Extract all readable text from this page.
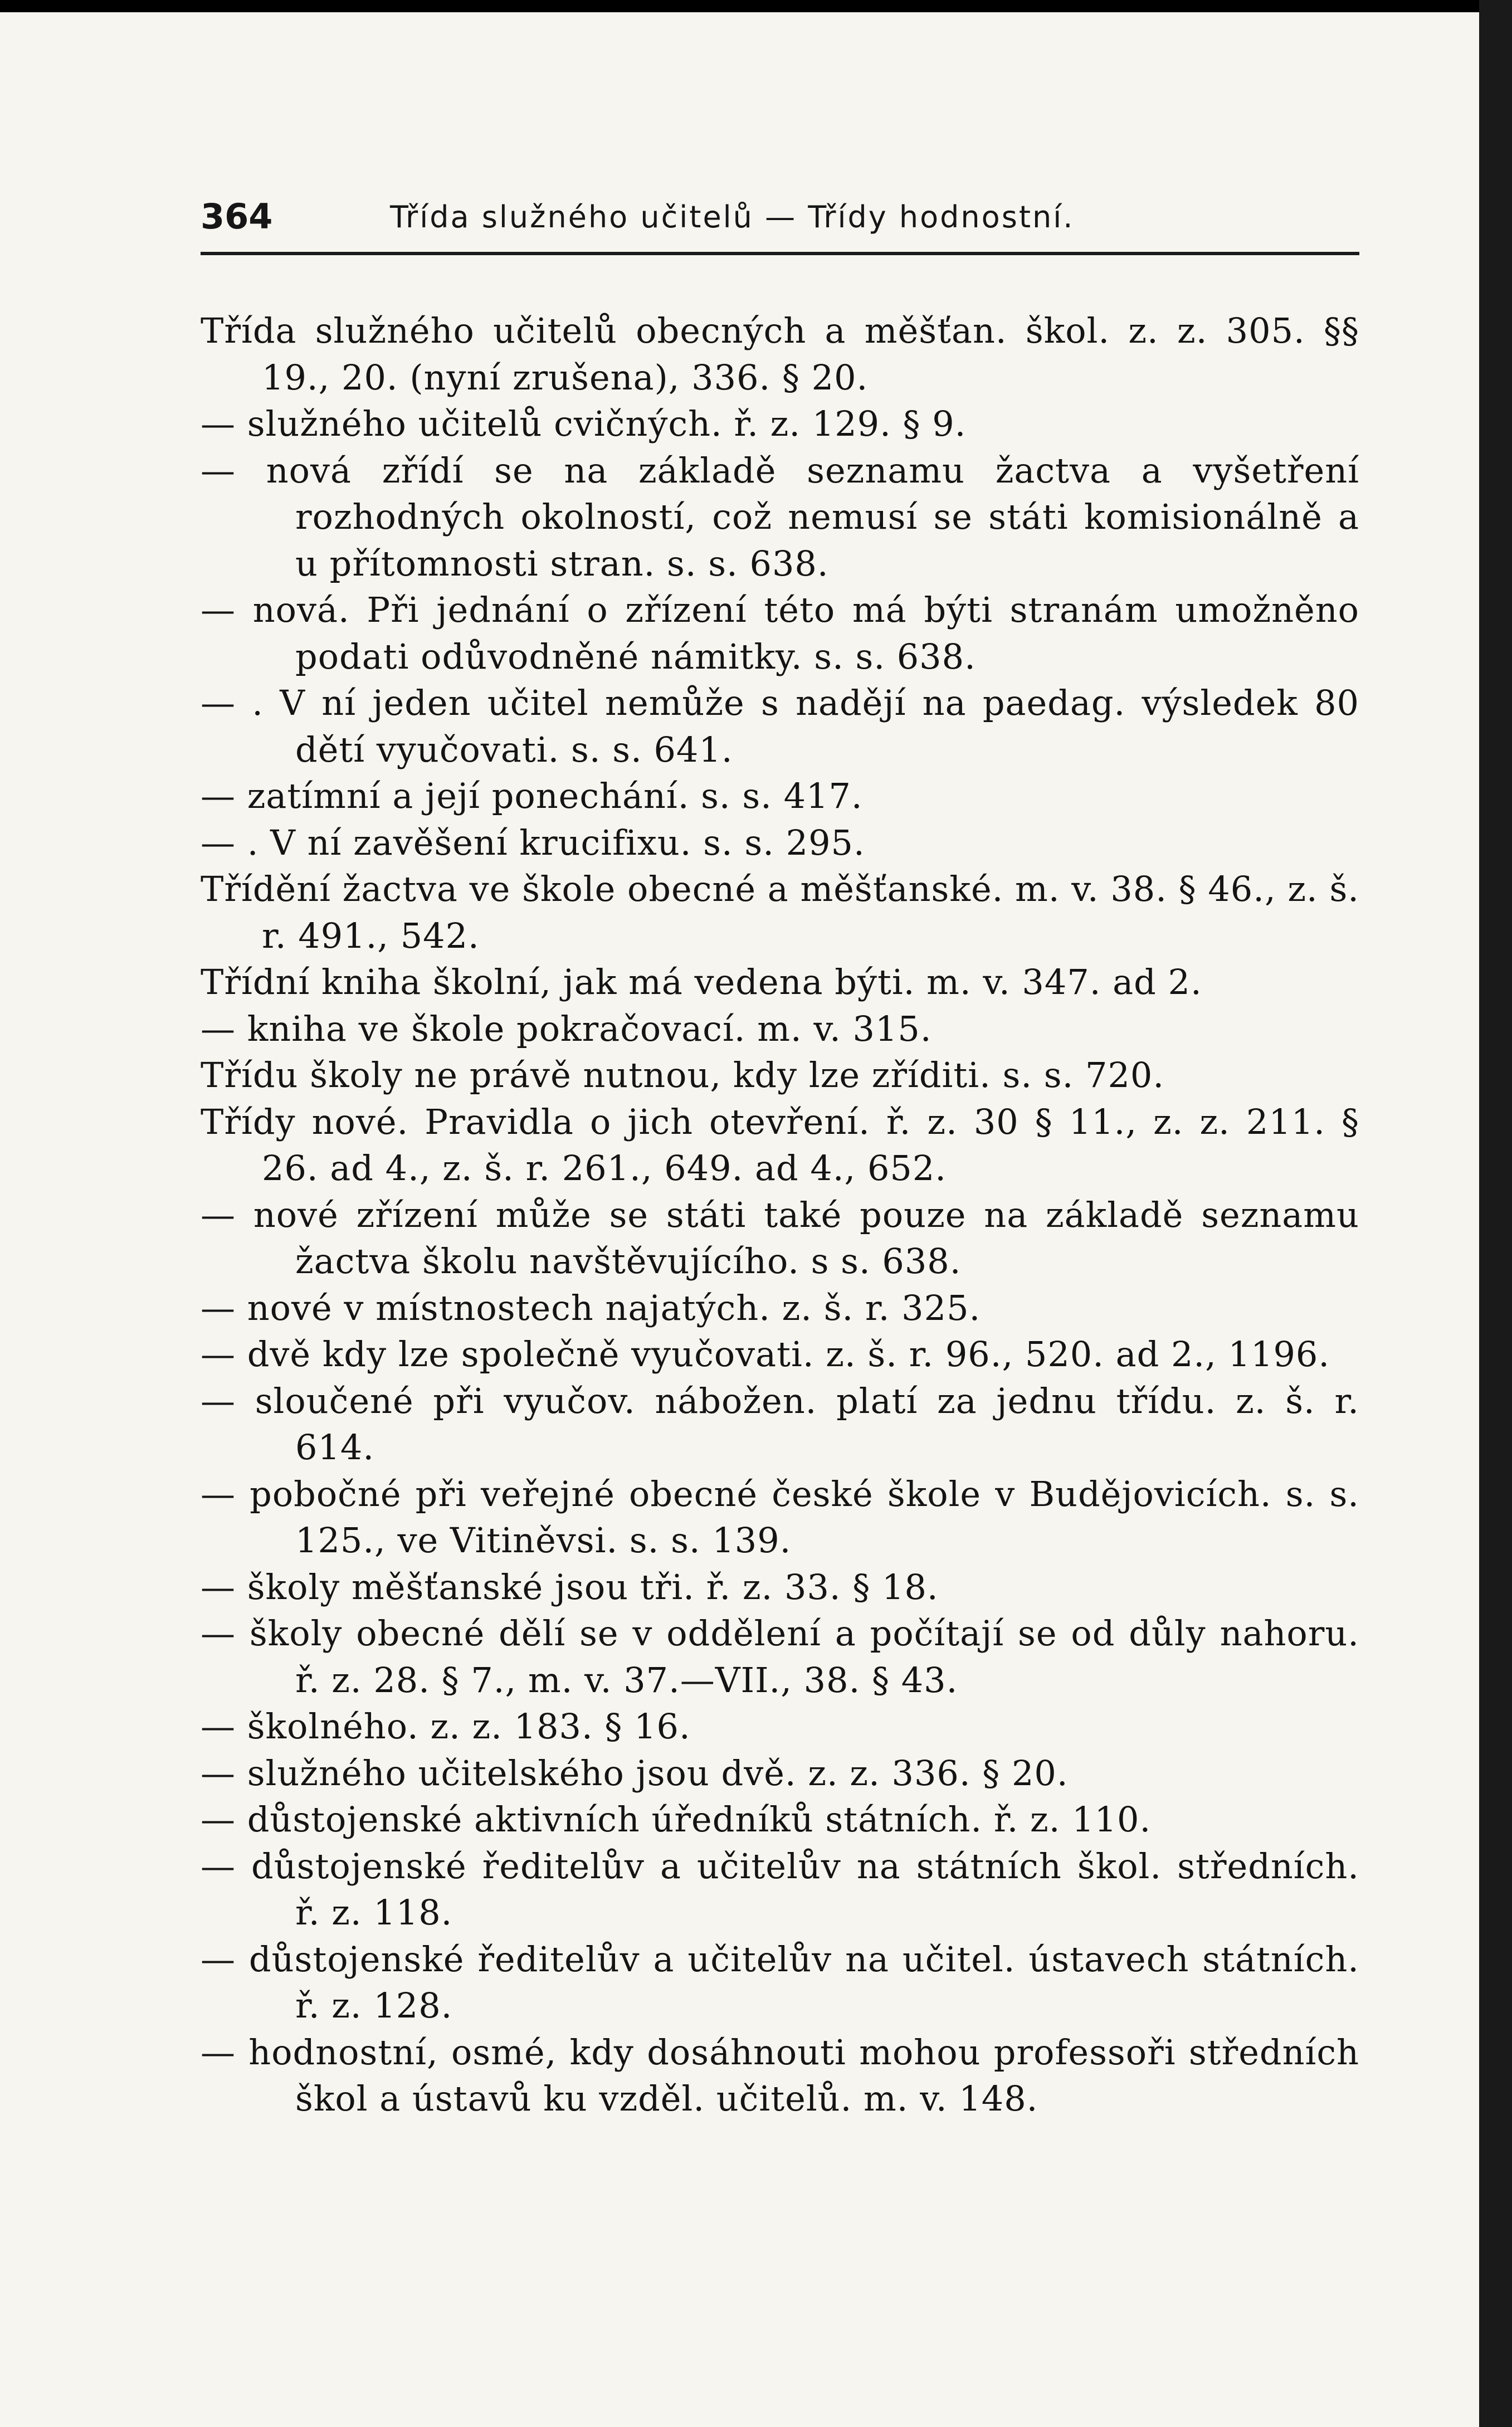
364	Třída služného učitelů — Třídy hodnostní.
Třída služného učitelů obecných a měšťan. škol. z. z. 305. §§ 19., 20. (nyní zrušena), 336. § 20.
— služného učitelů cvičných. ř. z. 129. § 9.
— nová zřídí se na základě seznamu žactva a vyšetření rozhodných okolností, což nemusí se státi komisionálně a u přítomnosti stran. s. s. 638.
— nová. Při jednání o zřízení této má býti stranám umožněno podati odůvodněné námitky. s. s. 638.
— . V ní jeden učitel nemůže s nadějí na paedag. výsledek 80 dětí vyučovati. s. s. 641.
— zatímní a její ponechání. s. s. 417.
— . V ní zavěšení krucifixu. s. s. 295.
Třídění žactva ve škole obecné a měšťanské. m. v. 38. § 46., z. š. r. 491., 542.
Třídní kniha školní, jak má vedena býti. m. v. 347. ad 2.
— kniha ve škole pokračovací. m. v. 315.
Třídu školy ne právě nutnou, kdy lze zříditi. s. s. 720.
Třídy nové. Pravidla o jich otevření. ř. z. 30 § 11., z. z. 211. § 26. ad 4., z. š. r. 261., 649. ad 4., 652.
— nové zřízení může se státi také pouze na základě seznamu žactva školu navštěvujícího. s s. 638.
— nové v místnostech najatých. z. š. r. 325.
— dvě kdy lze společně vyučovati. z. š. r. 96., 520. ad 2., 1196.
— sloučené při vyučov. nábožen. platí za jednu třídu. z. š. r. 614.
— pobočné při veřejné obecné české škole v Budějovicích. s. s. 125., ve Vitiněvsi. s. s. 139.
— školy měšťanské jsou tři. ř. z. 33. § 18.
— školy obecné dělí se v oddělení a počítají se od důly nahoru. ř. z. 28. § 7., m. v. 37.—VII., 38. § 43.
— školného. z. z. 183. § 16.
— služného učitelského jsou dvě. z. z. 336. § 20.
— důstojenské aktivních úředníků státních. ř. z. 110.
— důstojenské ředitelův a učitelův na státních škol. středních. ř. z. 118.
— důstojenské ředitelův a učitelův na učitel. ústavech státních. ř. z. 128.
— hodnostní, osmé, kdy dosáhnouti mohou professoři středních škol a ústavů ku vzděl. učitelů. m. v. 148.
